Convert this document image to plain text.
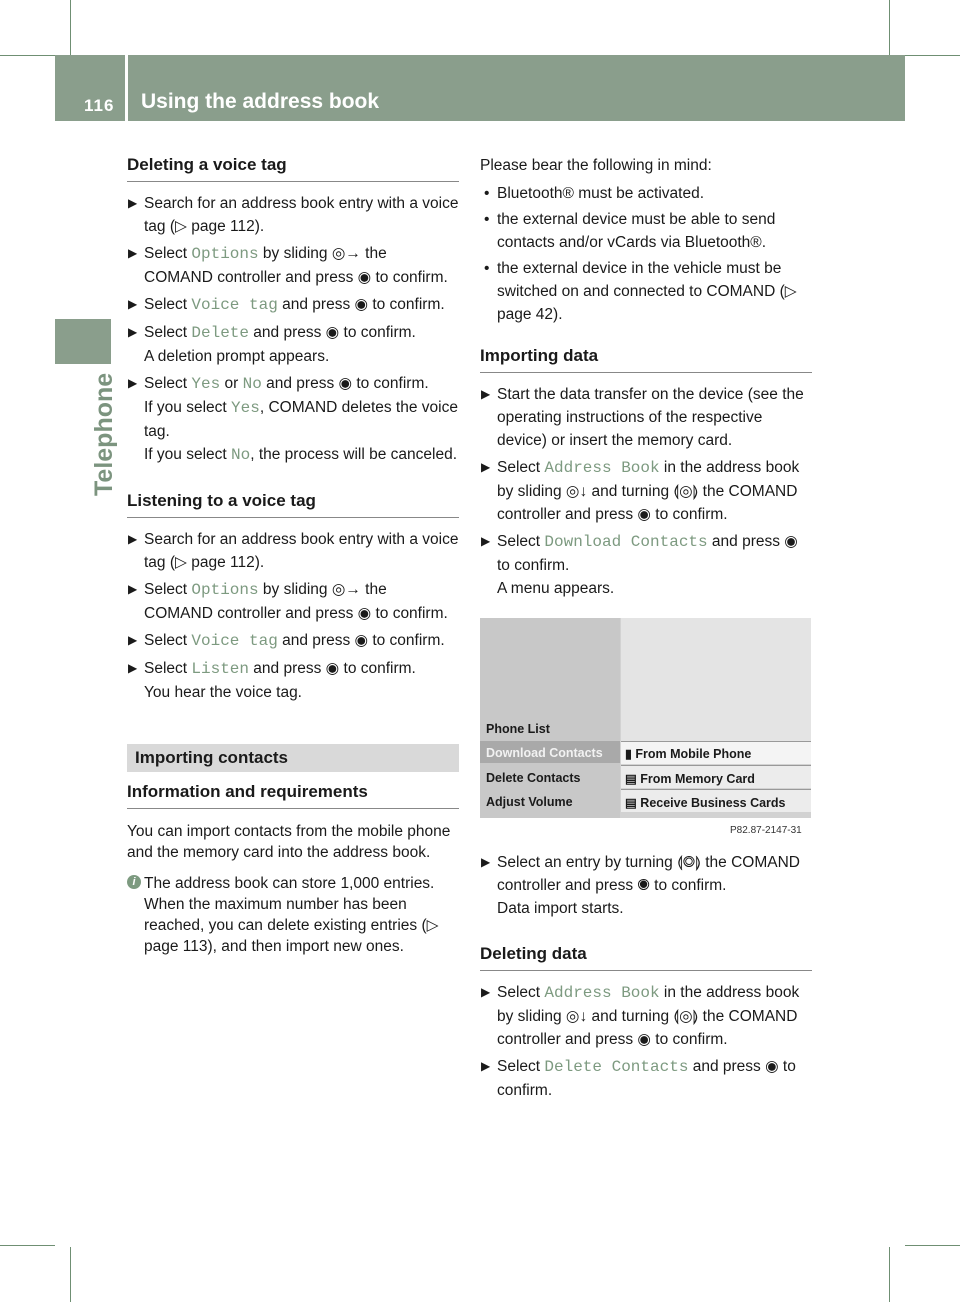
116 Using the address book
Telephone
Deleting a voice tag
▶ Search for an address book entry with a voice tag (▷ page 112).
▶ Select Options by sliding ◎→ the COMAND controller and press ◉ to confirm.
▶ Select Voice tag and press ◉ to confirm.
▶ Select Delete and press ◉ to confirm.
A deletion prompt appears.
▶ Select Yes or No and press ◉ to confirm.
If you select Yes, COMAND deletes the voice tag.
If you select No, the process will be canceled.
Listening to a voice tag
▶ Search for an address book entry with a voice tag (▷ page 112).
▶ Select Options by sliding ◎→ the COMAND controller and press ◉ to confirm.
▶ Select Voice tag and press ◉ to confirm.
▶ Select Listen and press ◉ to confirm.
You hear the voice tag.
Importing contacts
Information and requirements
You can import contacts from the mobile phone and the memory card into the address book.
i The address book can store 1,000 entries. When the maximum number has been reached, you can delete existing entries (▷ page 113), and then import new ones.
Please bear the following in mind:
• Bluetooth® must be activated.
• the external device must be able to send contacts and/or vCards via Bluetooth®.
• the external device in the vehicle must be switched on and connected to COMAND (▷ page 42).
Importing data
▶ Start the data transfer on the device (see the operating instructions of the respective device) or insert the memory card.
▶ Select Address Book in the address book by sliding ◎↓ and turning ⟬◎⟭ the COMAND controller and press ◉ to confirm.
▶ Select Download Contacts and press ◉ to confirm.
A menu appears.
Phone List
Download Contacts
Delete Contacts
Adjust Volume
▮ From Mobile Phone
▤ From Memory Card
▤ Receive Business Cards
P82.87-2147-31
▶ Select an entry by turning ⟬◎⟭ the COMAND controller and press ◉ to confirm.
Data import starts.
Deleting data
▶ Select Address Book in the address book by sliding ◎↓ and turning ⟬◎⟭ the COMAND controller and press ◉ to confirm.
▶ Select Delete Contacts and press ◉ to confirm.
